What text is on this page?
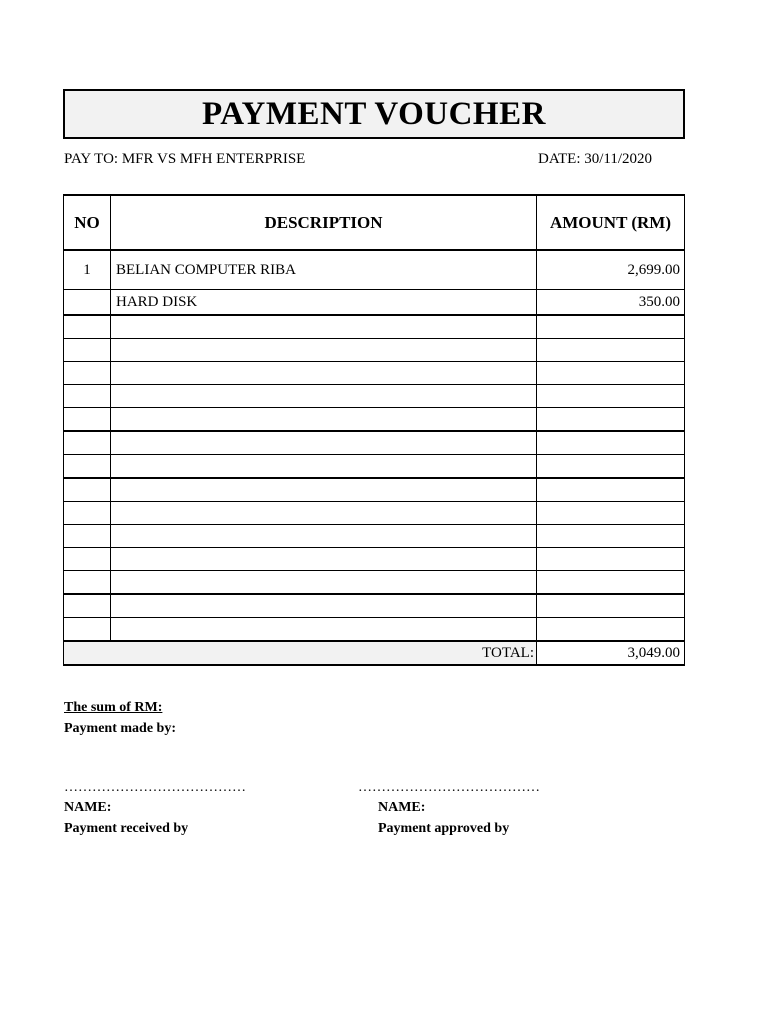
PAYMENT VOUCHER
PAY TO: MFR VS MFH ENTERPRISE	DATE: 30/11/2020
NO	DESCRIPTION	AMOUNT (RM)
1	BELIAN COMPUTER RIBA	2,699.00
	HARD DISK	350.00

TOTAL:		3,049.00
The sum of RM:
Payment made by:
…………………………………	…………………………………
NAME:	NAME:
Payment received by	Payment approved by
